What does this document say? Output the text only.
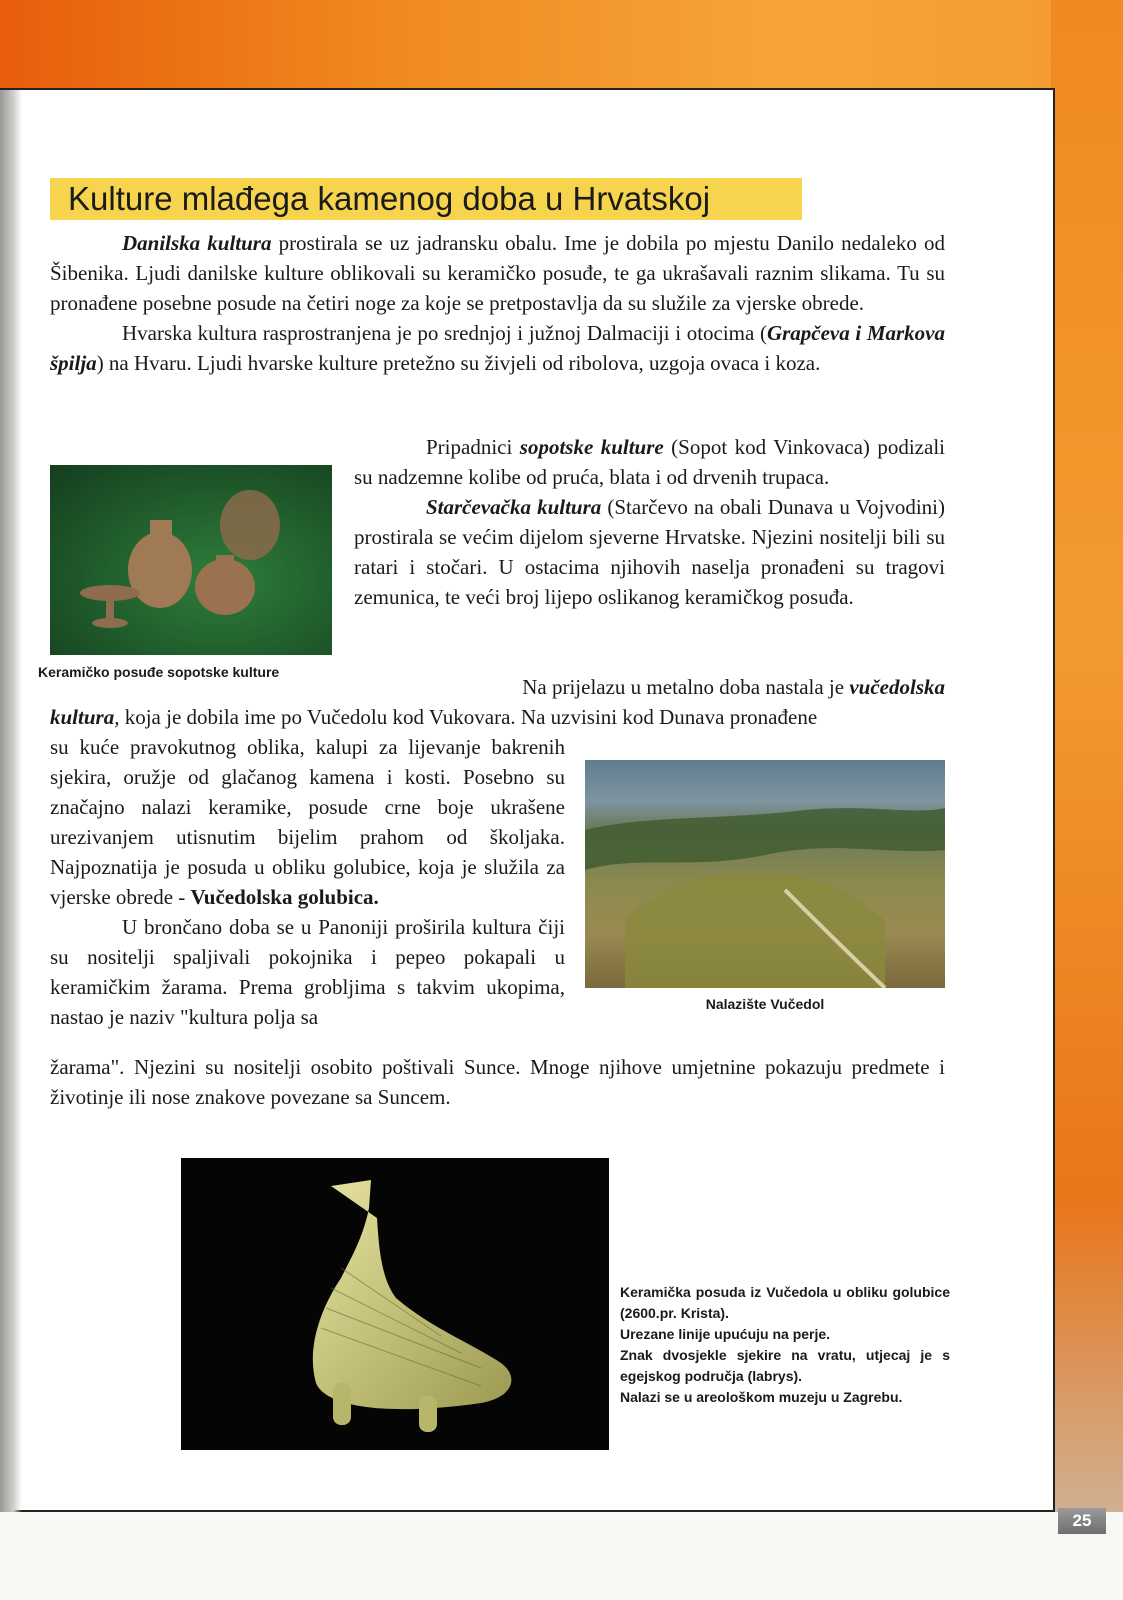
25
Kulture mlađega kamenog doba u Hrvatskoj

Danilska kultura prostirala se uz jadransku obalu. Ime je dobila po mjestu Danilo nedaleko od Šibenika. Ljudi danilske kulture oblikovali su keramičko posuđe, te ga ukrašavali raznim slikama. Tu su pronađene posebne posude na četiri noge za koje se pretpostavlja da su služile za vjerske obrede.

Hvarska kultura rasprostranjena je po srednjoj i južnoj Dalmaciji i otocima (Grapčeva i Markova špilja) na Hvaru. Ljudi hvarske kulture pretežno su živjeli od ribolova, uzgoja ovaca i koza.

Keramičko posuđe sopotske kulture

Pripadnici sopotske kulture (Sopot kod Vinkovaca) podizali su nadzemne kolibe od pruća, blata i od drvenih trupaca.

Starčevačka kultura (Starčevo na obali Dunava u Vojvodini) prostirala se većim dijelom sjeverne Hrvatske. Njezini nositelji bili su ratari i stočari. U ostacima njihovih naselja pronađeni su tragovi zemunica, te veći broj lijepo oslikanog keramičkog posuđa.

Na prijelazu u metalno doba nastala je vučedolska
kultura, koja je dobila ime po Vučedolu kod Vukovara. Na uzvisini kod Dunava pronađene

su kuće pravokutnog oblika, kalupi za lijevanje bakrenih sjekira, oružje od glačanog kamena i kosti. Posebno su značajno nalazi keramike, posude crne boje ukrašene urezivanjem utisnutim bijelim prahom od školjaka. Najpoznatija je posuda u obliku golubice, koja je služila za vjerske obrede - Vučedolska golubica.

U brončano doba se u Panoniji proširila kultura čiji su nositelji spaljivali pokojnika i pepeo pokapali u keramičkim žarama. Prema grobljima s takvim ukopima, nastao je naziv "kultura polja sa

Nalazište Vučedol
žarama". Njezini su nositelji osobito poštivali Sunce. Mnoge njihove umjetnine pokazuju predmete i životinje ili nose znakove povezane sa Suncem.
Keramička posuda iz Vučedola u obliku golubice (2600.pr. Krista).
Urezane linije upućuju na perje.
Znak dvosjekle sjekire na vratu, utjecaj je s egejskog područja (labrys).
Nalazi se u areološkom muzeju u Zagrebu.
